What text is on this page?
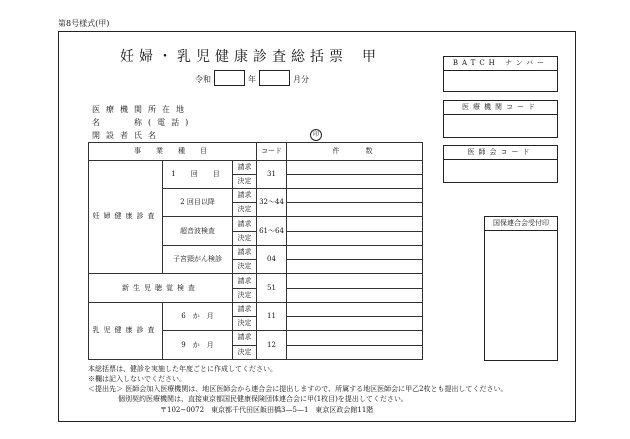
第8号様式(甲)
妊婦・乳児健康診査総括票 甲
令和	年	月分
医療機関所在地
名　　称(電話)
開設者氏名	印
BATCH ナンバー
医療機関コード
医師会コード
国保連合会受付印
事　業　種　目			コード	件　　数
妊婦健康診査	1　回　目	請求	31	
		決定		
	2 回目以降	請求	32〜44	
		決定		
	超音波検査	請求	61〜64	
		決定		
	子宮頸がん検診	請求	04	
		決定		
新生児聴覚検査		請求	51	
		決定		
乳児健康診査	6　か　月	請求	11	
		決定		
	9　か　月	請求	12	
		決定		
本総括票は、健診を実施した年度ごとに作成してください。
※欄は記入しないでください。
＜提出先＞ 医師会加入医療機関は、地区医師会から連合会に提出しますので、所属する地区医師会に甲乙2枚とも提出してください。
個別契約医療機関は、直接東京都国民健康保険団体連合会に甲(1枚目)を提出してください。
〒102−0072　東京都千代田区飯田橋3—5—1　東京区政会館11階
